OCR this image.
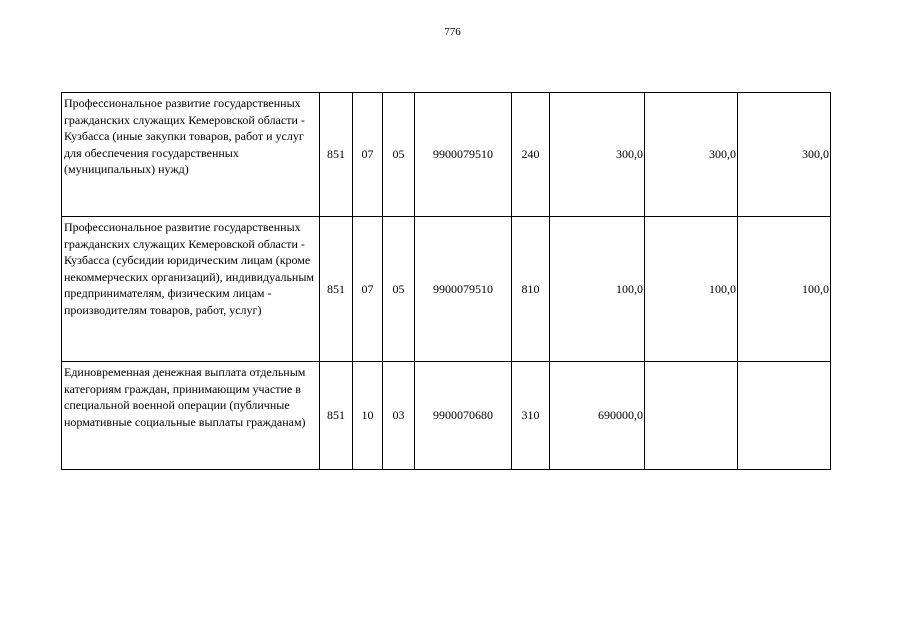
776
Профессиональное развитие государственных гражданских служащих Кемеровской области - Кузбасса (иные закупки товаров, работ и услуг для обеспечения государственных (муниципальных) нужд)	851	07	05	9900079510	240	300,0	300,0	300,0
Профессиональное развитие государственных гражданских служащих Кемеровской области - Кузбасса (субсидии юридическим лицам (кроме некоммерческих организаций), индивидуальным предпринимателям, физическим лицам - производителям товаров, работ, услуг)	851	07	05	9900079510	810	100,0	100,0	100,0
Единовременная денежная выплата отдельным категориям граждан, принимающим участие в специальной военной операции (публичные нормативные социальные выплаты гражданам)	851	10	03	9900070680	310	690000,0		
